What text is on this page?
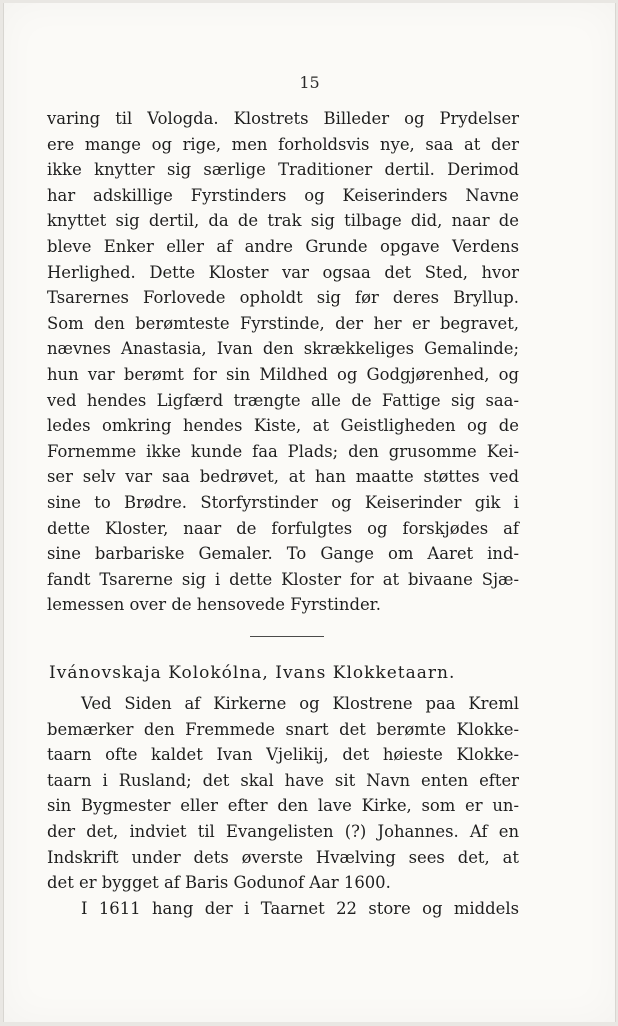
15
varing til Vologda. Klostrets Billeder og Prydelser
ere mange og rige, men forholdsvis nye, saa at der
ikke knytter sig særlige Traditioner dertil. Derimod
har adskillige Fyrstinders og Keiserinders Navne
knyttet sig dertil, da de trak sig tilbage did, naar de
bleve Enker eller af andre Grunde opgave Verdens
Herlighed. Dette Kloster var ogsaa det Sted, hvor
Tsarernes Forlovede opholdt sig før deres Bryllup.
Som den berømteste Fyrstinde, der her er begravet,
nævnes Anastasia, Ivan den skrækkeliges Gemalinde;
hun var berømt for sin Mildhed og Godgjørenhed, og
ved hendes Ligfærd trængte alle de Fattige sig saa-
ledes omkring hendes Kiste, at Geistligheden og de
Fornemme ikke kunde faa Plads; den grusomme Kei-
ser selv var saa bedrøvet, at han maatte støttes ved
sine to Brødre. Storfyrstinder og Keiserinder gik i
dette Kloster, naar de forfulgtes og forskjødes af
sine barbariske Gemaler. To Gange om Aaret ind-
fandt Tsarerne sig i dette Kloster for at bivaane Sjæ-
lemessen over de hensovede Fyrstinder.
Ivánovskaja Kolokólna, Ivans Klokketaarn.
Ved Siden af Kirkerne og Klostrene paa Kreml
bemærker den Fremmede snart det berømte Klokke-
taarn ofte kaldet Ivan Vjelikij, det høieste Klokke-
taarn i Rusland; det skal have sit Navn enten efter
sin Bygmester eller efter den lave Kirke, som er un-
der det, indviet til Evangelisten (?) Johannes. Af en
Indskrift under dets øverste Hvælving sees det, at
det er bygget af Baris Godunof Aar 1600.
I 1611 hang der i Taarnet 22 store og middels
